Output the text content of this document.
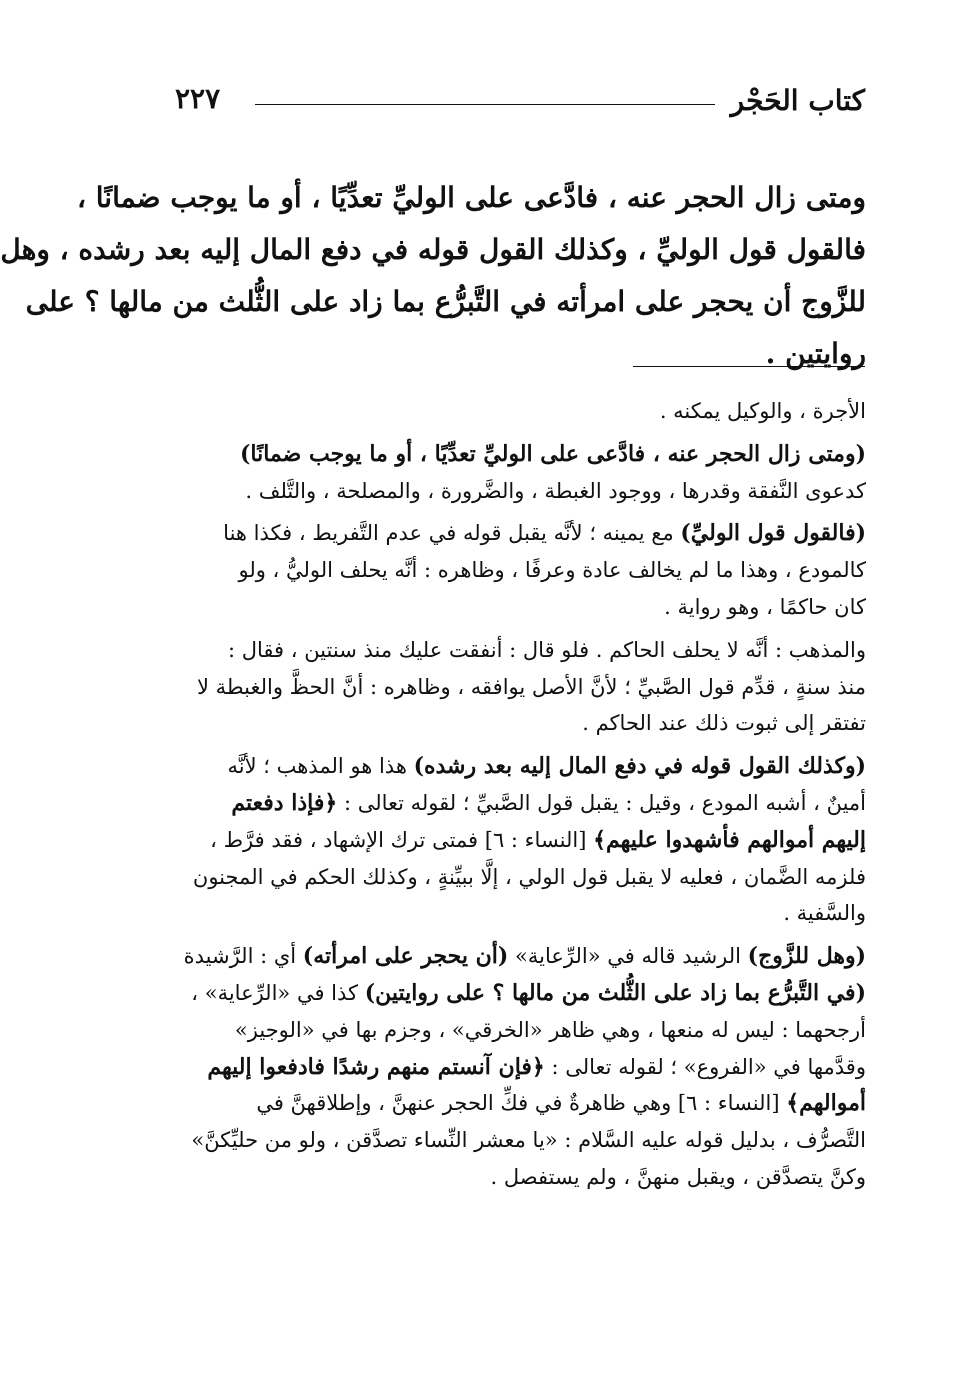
٢٢٧	كتاب الحَجْر
ومتى زال الحجر عنه ، فادَّعى على الوليِّ تعدِّيًا ، أو ما يوجب ضمانًا ،
فالقول قول الوليِّ ، وكذلك القول قوله في دفع المال إليه بعد رشده ، وهل
للزَّوج أن يحجر على امرأته في التَّبرُّع بما زاد على الثُّلث من مالها ؟ على
روايتين .
الأجرة ، والوكيل يمكنه .
(ومتى زال الحجر عنه ، فادَّعى على الوليِّ تعدِّيًا ، أو ما يوجب ضمانًا)
كدعوى النَّفقة وقدرها ، ووجود الغبطة ، والضَّرورة ، والمصلحة ، والتَّلف .
(فالقول قول الوليِّ) مع يمينه ؛ لأنَّه يقبل قوله في عدم التَّفريط ، فكذا هنا
كالمودع ، وهذا ما لم يخالف عادة وعرفًا ، وظاهره : أنَّه يحلف الوليُّ ، ولو
كان حاكمًا ، وهو رواية .
والمذهب : أنَّه لا يحلف الحاكم . فلو قال : أنفقت عليك منذ سنتين ، فقال :
منذ سنةٍ ، قدِّم قول الصَّبيِّ ؛ لأنَّ الأصل يوافقه ، وظاهره : أنَّ الحظَّ والغبطة لا
تفتقر إلى ثبوت ذلك عند الحاكم .
(وكذلك القول قوله في دفع المال إليه بعد رشده) هذا هو المذهب ؛ لأنَّه
أمينٌ ، أشبه المودع ، وقيل : يقبل قول الصَّبيِّ ؛ لقوله تعالى : ﴿فإذا دفعتم
إليهم أموالهم فأشهدوا عليهم﴾ [النساء : ٦] فمتى ترك الإشهاد ، فقد فرَّط ،
فلزمه الضَّمان ، فعليه لا يقبل قول الولي ، إلَّا ببيِّنةٍ ، وكذلك الحكم في المجنون
والسَّفية .
(وهل للزَّوج) الرشيد قاله في «الرِّعاية» (أن يحجر على امرأته) أي : الرَّشيدة
(في التَّبرُّع بما زاد على الثُّلث من مالها ؟ على روايتين) كذا في «الرِّعاية» ،
أرجحهما : ليس له منعها ، وهي ظاهر «الخرقي» ، وجزم بها في «الوجيز»
وقدَّمها في «الفروع» ؛ لقوله تعالى : ﴿فإن آنستم منهم رشدًا فادفعوا إليهم
أموالهم﴾ [النساء : ٦] وهي ظاهرةٌ في فكِّ الحجر عنهنَّ ، وإطلاقهنَّ في
التَّصرُّف ، بدليل قوله عليه السَّلام : «يا معشر النِّساء تصدَّقن ، ولو من حليِّكنَّ»
وكنَّ يتصدَّقن ، ويقبل منهنَّ ، ولم يستفصل .
